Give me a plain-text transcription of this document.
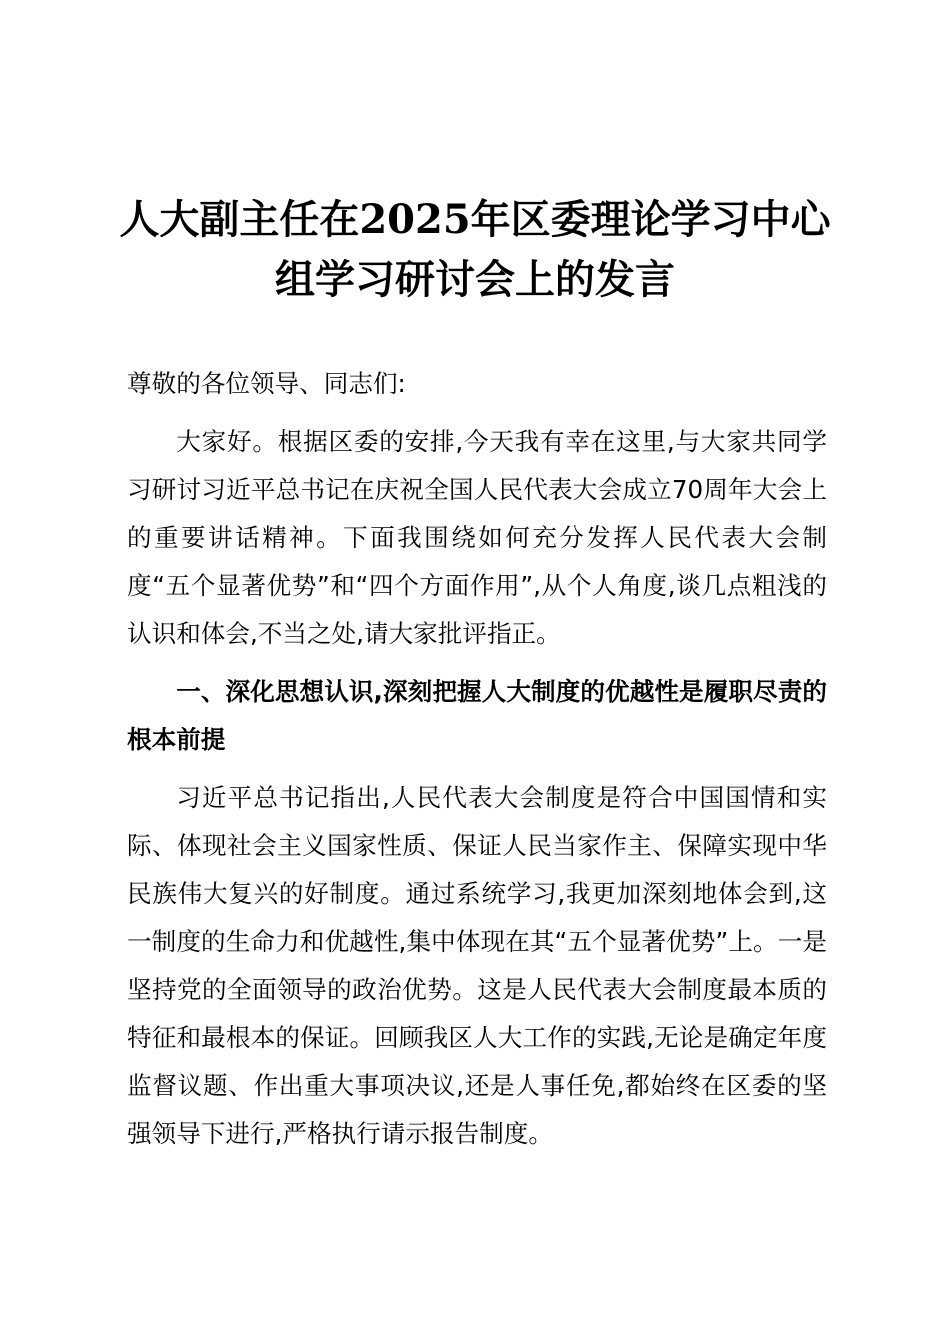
人大副主任在2025年区委理论学习中心
组学习研讨会上的发言

尊敬的各位领导、同志们:

大家好。根据区委的安排,今天我有幸在这里,与大家共同学习研讨习近平总书记在庆祝全国人民代表大会成立70周年大会上的重要讲话精神。下面我围绕如何充分发挥人民代表大会制度“五个显著优势”和“四个方面作用”,从个人角度,谈几点粗浅的认识和体会,不当之处,请大家批评指正。

一、深化思想认识,深刻把握人大制度的优越性是履职尽责的根本前提

习近平总书记指出,人民代表大会制度是符合中国国情和实际、体现社会主义国家性质、保证人民当家作主、保障实现中华民族伟大复兴的好制度。通过系统学习,我更加深刻地体会到,这一制度的生命力和优越性,集中体现在其“五个显著优势”上。一是坚持党的全面领导的政治优势。这是人民代表大会制度最本质的特征和最根本的保证。回顾我区人大工作的实践,无论是确定年度监督议题、作出重大事项决议,还是人事任免,都始终在区委的坚强领导下进行,严格执行请示报告制度。
